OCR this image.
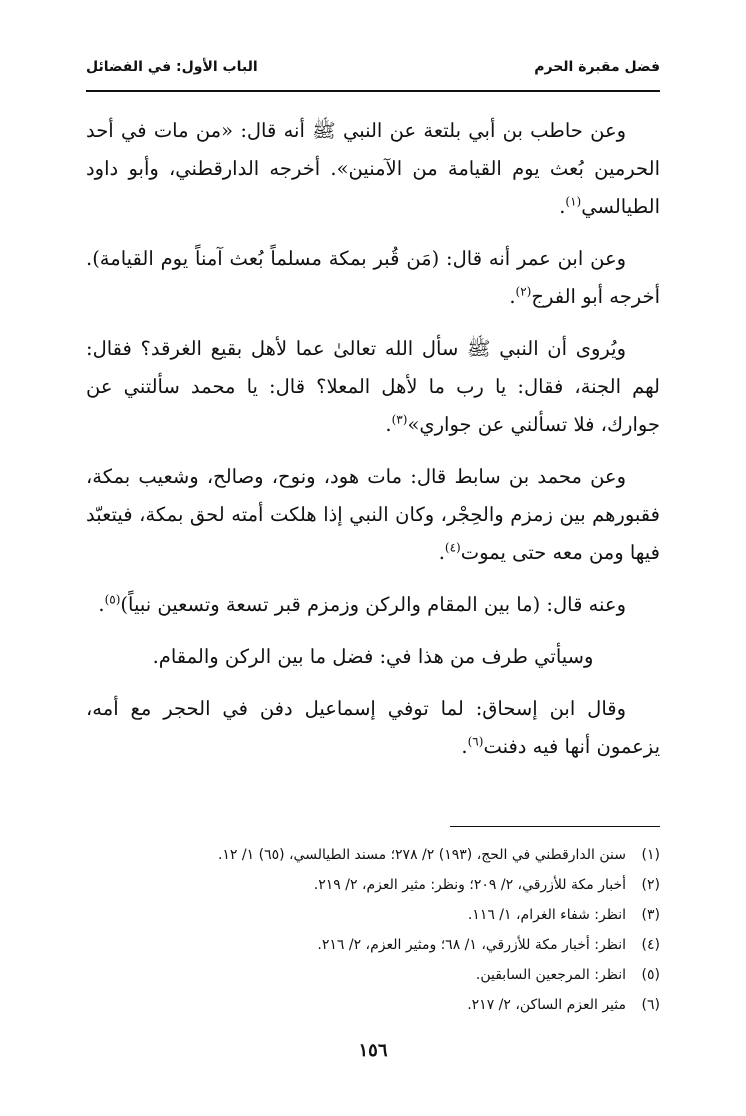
فضل مقبرة الحرم
الباب الأول: في الفضائل

وعن حاطب بن أبي بلتعة عن النبي ﷺ أنه قال: «من مات في أحد الحرمين بُعث يوم القيامة من الآمنين». أخرجه الدارقطني، وأبو داود الطيالسي$^{(١)}$.

وعن ابن عمر أنه قال: (مَن قُبر بمكة مسلماً بُعث آمناً يوم القيامة). أخرجه أبو الفرج$^{(٢)}$.

ويُروى أن النبي ﷺ سأل الله تعالىٰ عما لأهل بقيع الغرقد؟ فقال: لهم الجنة، فقال: يا رب ما لأهل المعلا؟ قال: يا محمد سألتني عن جوارك، فلا تسألني عن جواري»$^{(٣)}$.

وعن محمد بن سابط قال: مات هود، ونوح، وصالح، وشعيب بمكة، فقبورهم بين زمزم والحِجْر، وكان النبي إذا هلكت أمته لحق بمكة، فيتعبّد فيها ومن معه حتى يموت$^{(٤)}$.

وعنه قال: (ما بين المقام والركن وزمزم قبر تسعة وتسعين نبياً)$^{(٥)}$.

وسيأتي طرف من هذا في: فضل ما بين الركن والمقام.

وقال ابن إسحاق: لما توفي إسماعيل دفن في الحجر مع أمه، يزعمون أنها فيه دفنت$^{(٦)}$.

(١)
سنن الدارقطني في الحج، (١٩٣) ٢/ ٢٧٨؛ مسند الطيالسي، (٦٥) ١/ ١٢.
(٢)
أخبار مكة للأزرقي، ٢/ ٢٠٩؛ ونظر: مثير العزم، ٢/ ٢١٩.
(٣)
انظر: شفاء الغرام، ١/ ١١٦.
(٤)
انظر: أخبار مكة للأزرقي، ١/ ٦٨؛ ومثير العزم، ٢/ ٢١٦.
(٥)
انظر: المرجعين السابقين.
(٦)
مثير العزم الساكن، ٢/ ٢١٧.
١٥٦
